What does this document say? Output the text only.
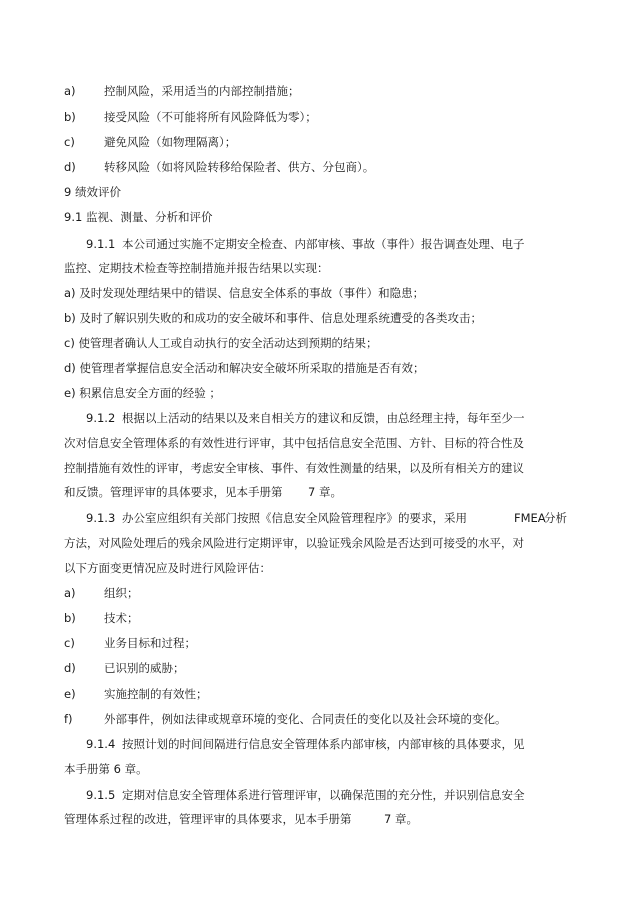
a) 控制风险，采用适当的内部控制措施；
b) 接受风险（不可能将所有风险降低为零）；
c)	避免风险（如物理隔离）；
d) 转移风险（如将风险转移给保险者、供方、分包商）。
9 绩效评价
9.1 监视、测量、分析和评价
9.1.1 本公司通过实施不定期安全检查、内部审核、事故（事件）报告调查处理、电子
监控、定期技术检查等控制措施并报告结果以实现：
a) 及时发现处理结果中的错误、信息安全体系的事故（事件）和隐患；
b) 及时了解识别失败的和成功的安全破坏和事件、信息处理系统遭受的各类攻击；
c) 使管理者确认人工或自动执行的安全活动达到预期的结果；
d) 使管理者掌握信息安全活动和解决安全破坏所采取的措施是否有效；
e) 积累信息安全方面的经验 ；
9.1.2 根据以上活动的结果以及来自相关方的建议和反馈，由总经理主持，每年至少一
次对信息安全管理体系的有效性进行评审，其中包括信息安全范围、方针、目标的符合性及
控制措施有效性的评审，考虑安全审核、事件、有效性测量的结果，以及所有相关方的建议
和反馈。管理评审的具体要求，见本手册第 7 章。
9.1.3 办公室应组织有关部门按照《信息安全风险管理程序》的要求，采用	FMEA
分析
方法，对风险处理后的残余风险进行定期评审，以验证残余风险是否达到可接受的水平，对
以下方面变更情况应及时进行风险评估：
a) 组织；
b) 技术；
c)	业务目标和过程；
d) 已识别的威胁；
e) 实施控制的有效性；
f)	外部事件，例如法律或规章环境的变化、合同责任的变化以及社会环境的变化。
9.1.4 按照计划的时间间隔进行信息安全管理体系内部审核，内部审核的具体要求，见
本手册第 6 章。
9.1.5 定期对信息安全管理体系进行管理评审，以确保范围的充分性，并识别信息安全
管理体系过程的改进，管理评审的具体要求，见本手册第	7 章。
